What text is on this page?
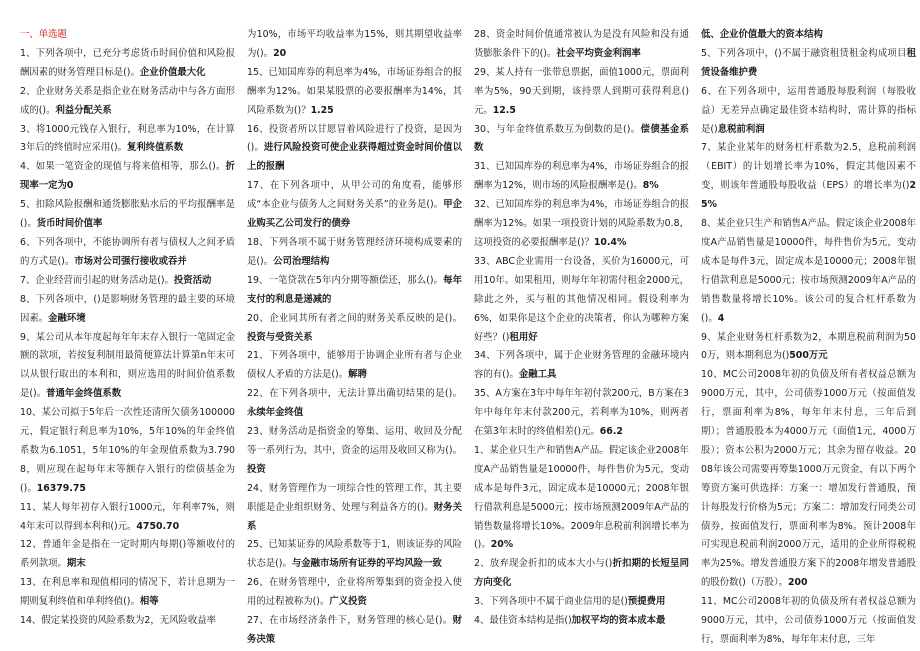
一、单选题

1、下列各项中，已充分考虑货币时间价值和风险报酬因素的财务管理目标是()。企业价值最大化

2、企业财务关系是指企业在财务活动中与各方面形成的()。利益分配关系

3、将1000元钱存入银行，利息率为10%，在计算3年后的终值时应采用()。复利终值系数

4、如果一笔资金的现值与将来值相等，那么()。折现率一定为0

5、扣除风险报酬和通货膨胀贴水后的平均报酬率是()。货币时间价值率

6、下列各项中，不能协调所有者与债权人之间矛盾的方式是()。市场对公司强行接收或吞并

7、企业经营而引起的财务活动是()。投资活动

8、下列各项中，()是影响财务管理的最主要的环境因素。金融环境

9、某公司从本年度起每年年末存入银行一笔固定金额的款项，若按复利制用最简便算法计算第n年末可以从银行取出的本利和，则应选用的时间价值系数是()。普通年金终值系数

10、某公司拟于5年后一次性还清所欠债务100000元，假定银行利息率为10%，5年10%的年金终值系数为6.1051，5年10%的年金现值系数为3.7908，则应现在起每年末等额存入银行的偿债基金为()。16379.75

11、某人每年初存入银行1000元，年利率7%，则4年末可以得到本利和()元。4750.70

12、普通年金是指在一定时期内每期()等额收付的系列款项。期末

13、在利息率和现值相同的情况下，若计息期为一期则复利终值和单利终值()。相等

14、假定某投资的风险系数为2，无风险收益率

为10%，市场平均收益率为15%，则其期望收益率为()。20

15、已知国库券的利息率为4%，市场证券组合的报酬率为12%。如果某股票的必要报酬率为14%，其风险系数为()？1.25

16、投资者所以甘愿冒着风险进行了投资，是因为()。进行风险投资可使企业获得超过资金时间价值以上的报酬

17、在下列各项中，从甲公司的角度看，能够形成“本企业与债务人之间财务关系”的业务是()。甲企业购买乙公司发行的债券

18、下列各项不属于财务管理经济环境构成要素的是()。公司治理结构

19、一笔贷款在5年内分期等额偿还，那么()。每年支付的利息是递减的

20、企业同其所有者之间的财务关系反映的是()。投资与受资关系

21、下列各项中，能够用于协调企业所有者与企业债权人矛盾的方法是()。解聘

22、在下列各项中，无法计算出确切结果的是()。永续年金终值

23、财务活动是指资金的筹集、运用、收回及分配等一系列行为，其中，资金的运用及收回又称为()。投资

24、财务管理作为一项综合性的管理工作，其主要职能是企业组织财务、处理与利益各方的()。财务关系

25、已知某证券的风险系数等于1，则该证券的风险状态是()。与金融市场所有证券的平均风险一致

26、在财务管理中，企业将所筹集到的资金投入使用的过程被称为()。广义投资

27、在市场经济条件下，财务管理的核心是()。财务决策

28、资金时间价值通常被认为是没有风险和没有通货膨胀条件下的()。社会平均资金利润率

29、某人持有一张带息票据，面值1000元，票面利率为5%，90天到期，该持票人到期可获得利息()元。12.5

30、与年金终值系数互为倒数的是()。偿债基金系数

31、已知国库券的利息率为4%，市场证券组合的报酬率为12%，则市场的风险报酬率是()。8%

32、已知国库券的利息率为4%，市场证券组合的报酬率为12%。如果一项投资计划的风险系数为0.8，这项投资的必要报酬率是()？10.4%

33、ABC企业需用一台设备，买价为16000元，可用10年。如果租用，则每年年初需付租金2000元，除此之外，买与租的其他情况相同。假设利率为6%，如果你是这个企业的决策者，你认为哪种方案好些？()租用好

34、下列各项中，属于企业财务管理的金融环境内容的有()。金融工具

35、A方案在3年中每年年初付款200元，B方案在3年中每年年末付款200元，若利率为10%，则两者在第3年末时的终值相差()元。66.2

1、某企业只生产和销售A产品。假定该企业2008年度A产品销售量是10000件，每件售价为5元，变动成本是每件3元，固定成本是10000元；2008年银行借款利息是5000元；按市场预测2009年A产品的销售数量将增长10%。2009年息税前利润增长率为()。20%

2、放弃现金折扣的成本大小与()折扣期的长短呈同方向变化

3、下列各项中不属于商业信用的是()预提费用

4、最佳资本结构是指()加权平均的资本成本最

低、企业价值最大的资本结构

5、下列各项中，()不属于融资租赁租金构成项目租赁设备维护费

6、在下列各项中，运用普通股每股利润（每股收益）无差异点确定最佳资本结构时，需计算的指标是()息税前利润

7、某企业某年的财务杠杆系数为2.5，息税前利润（EBIT）的计划增长率为10%，假定其他因素不变，则该年普通股每股收益（EPS）的增长率为()25%

8、某企业只生产和销售A产品。假定该企业2008年度A产品销售量是10000件，每件售价为5元，变动成本是每件3元，固定成本是10000元；2008年银行借款利息是5000元；按市场预测2009年A产品的销售数量将增长10%。该公司的复合杠杆系数为()。4

9、某企业财务杠杆系数为2，本期息税前利润为500万，则本期利息为()500万元

10、MC公司2008年初的负债及所有者权益总额为9000万元，其中，公司债券1000万元（按面值发行，票面利率为8%，每年年末付息，三年后到期）；普通股股本为4000万元（面值1元，4000万股）；资本公积为2000万元；其余为留存收益。2008年该公司需要再筹集1000万元资金，有以下两个筹资方案可供选择：方案一：增加发行普通股，预计每股发行价格为5元；方案二：增加发行同类公司债券，按面值发行，票面利率为8%。预计2008年可实现息税前利润2000万元，适用的企业所得税税率为25%。增发普通股方案下的2008年增发普通股的股份数()（万股）。200

11、MC公司2008年初的负债及所有者权益总额为9000万元，其中，公司债券1000万元（按面值发行，票面利率为8%，每年年末付息，三年
